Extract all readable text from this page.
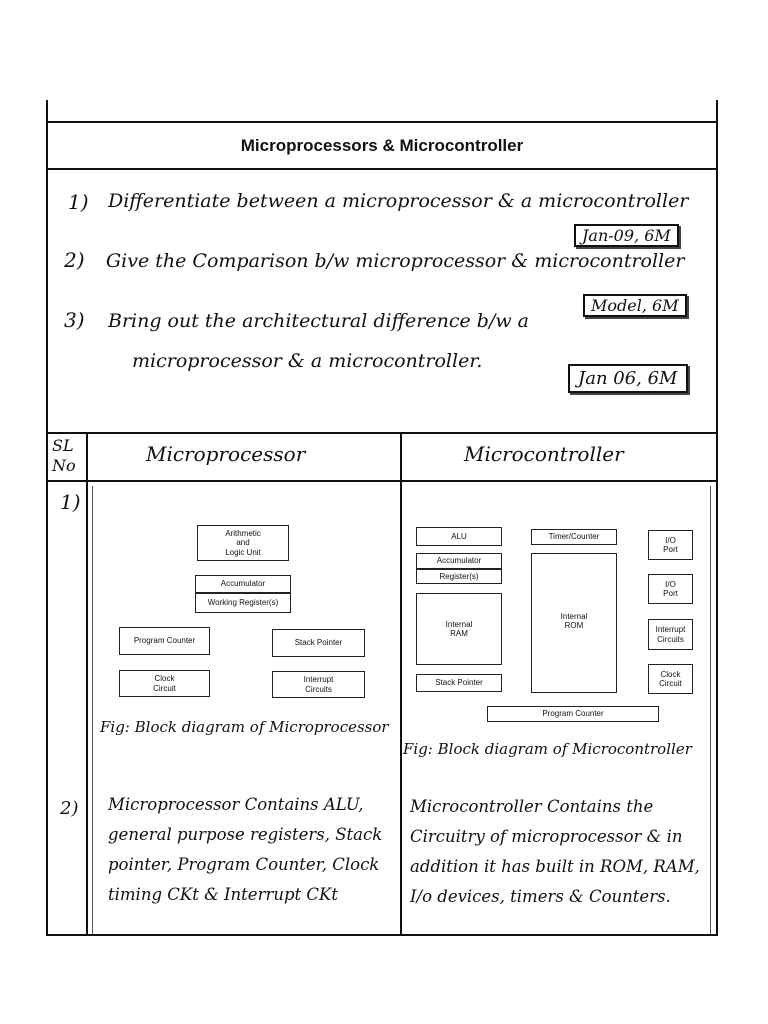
Microprocessors & Microcontroller
1) Differentiate between a microprocessor & a microcontroller
Jan-09, 6M
2) Give the Comparison b/w microprocessor & microcontroller
Model, 6M
3) Bring out the architectural difference b/w a
microprocessor & a microcontroller.
Jan 06, 6M
SL No	Microprocessor	Microcontroller
1)
Arithmetic
and
Logic Unit
Accumulator
Working Register(s)
Program Counter	Stack Pointer
Clock
Circuit
Interrupt
Circuits
Fig: Block diagram of Microprocessor
ALU	Timer/Counter	I/O
Port
Accumulator
Register(s)
Internal
ROM
I/O
Port
Internal
RAM	Interrupt
Circuits
Stack Pointer
Clock
Circuit
Program Counter
Fig: Block diagram of Microcontroller
2) Microprocessor Contains ALU, general purpose registers, Stack pointer, Program Counter, Clock timing CKt & Interrupt CKt
Microcontroller Contains the Circuitry of microprocessor & in addition it has built in ROM, RAM, I/o devices, timers & Counters.
